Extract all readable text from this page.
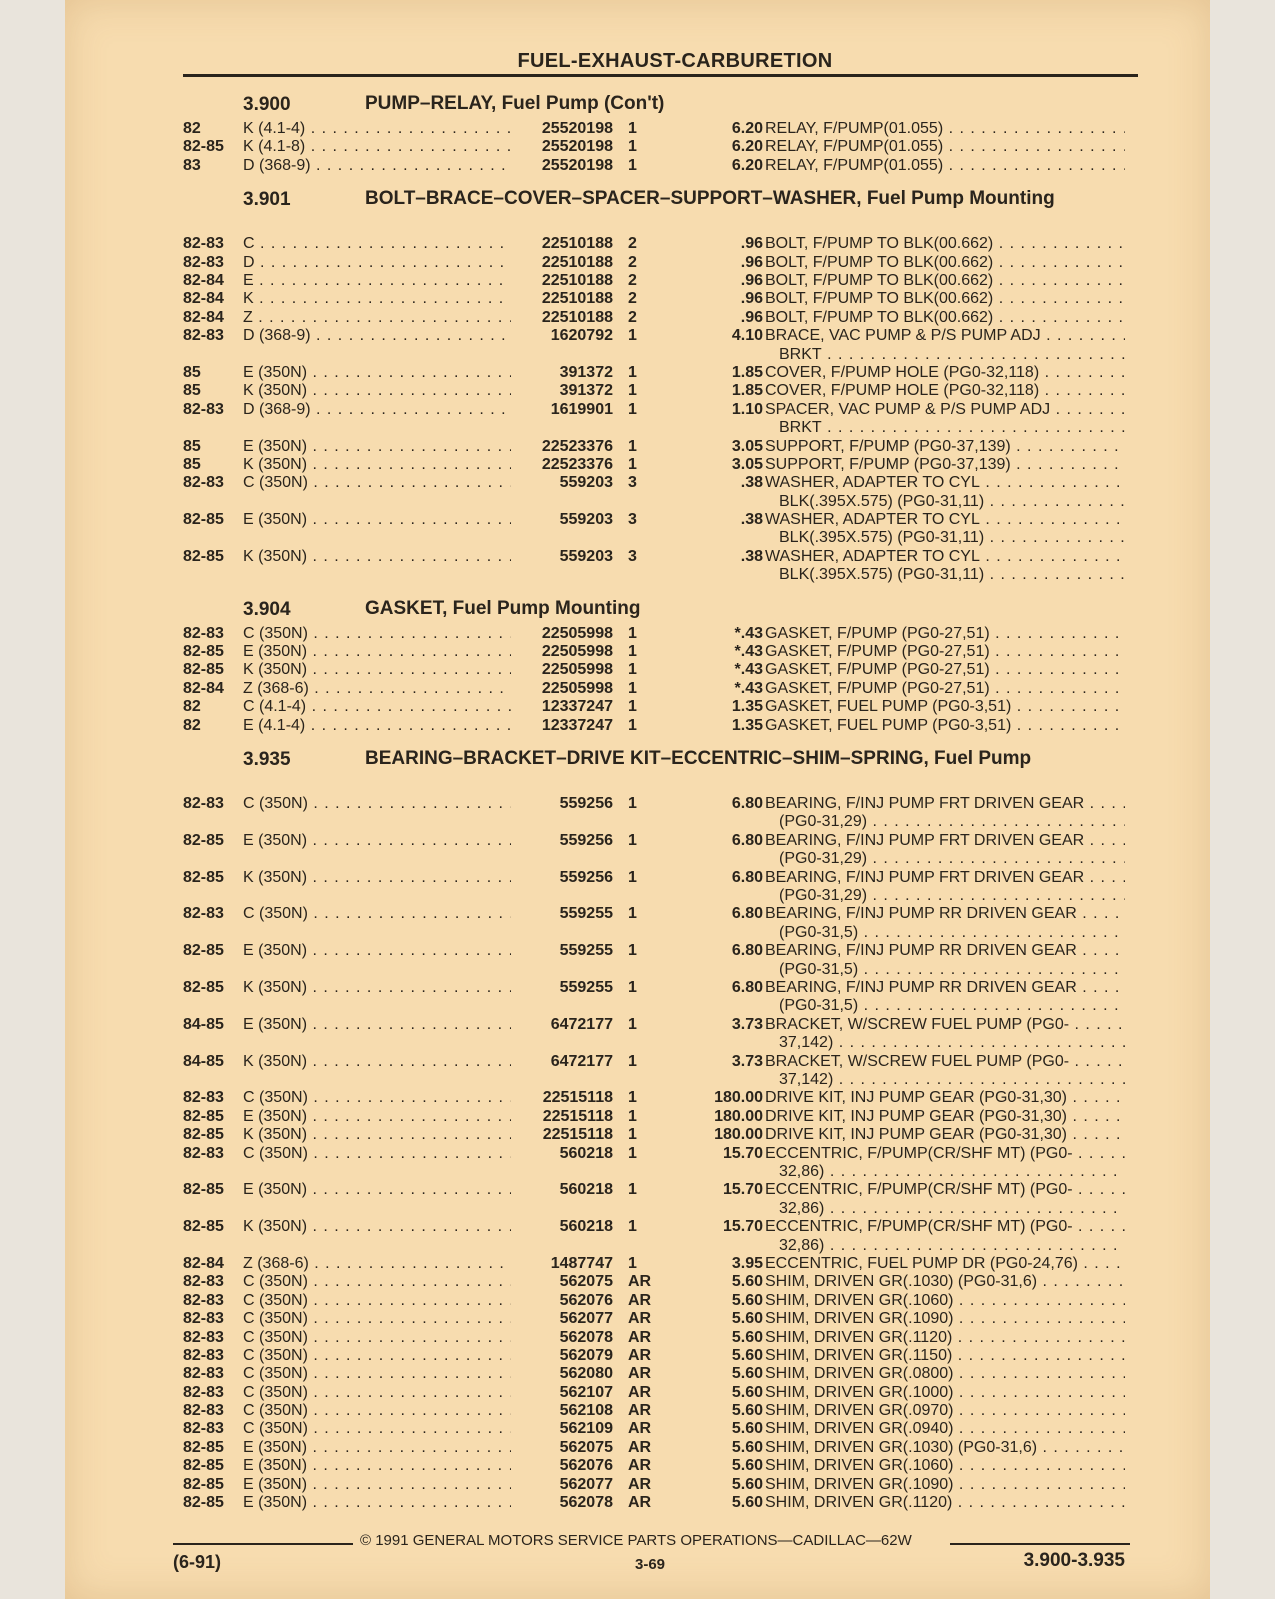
FUEL-EXHAUST-CARBURETION
3.900	PUMP–RELAY, Fuel Pump (Con't)
82	K (4.1-4) . . .	25520198 1	6.20 RELAY, F/PUMP(01.055) . . .
82-85 K (4.1-8) . . .	25520198 1	6.20 RELAY, F/PUMP(01.055) . . .
83	D (368-9) . . .	25520198 1	6.20 RELAY, F/PUMP(01.055) . . .
3.901	BOLT–BRACE–COVER–SPACER–SUPPORT–WASHER, Fuel Pump Mounting
82-83 C . . .	22510188 2	.96 BOLT, F/PUMP TO BLK(00.662) . . .
82-83 D . . .	22510188 2	.96 BOLT, F/PUMP TO BLK(00.662) . . .
82-84 E . . .	22510188 2	.96 BOLT, F/PUMP TO BLK(00.662) . . .
82-84 K . . .	22510188 2	.96 BOLT, F/PUMP TO BLK(00.662) . . .
82-84 Z . . .	22510188 2	.96 BOLT, F/PUMP TO BLK(00.662) . . .
82-83 D (368-9) . . .	1620792 1	4.10 BRACE, VAC PUMP & P/S PUMP ADJ . . .
BRKT . . .
85	E (350N) . . .	391372 1	1.85 COVER, F/PUMP HOLE (PG0-32,118) . . .
85	K (350N) . . .	391372 1	1.85 COVER, F/PUMP HOLE (PG0-32,118) . . .
82-83 D (368-9) . . .	1619901 1	1.10 SPACER, VAC PUMP & P/S PUMP ADJ . . .
BRKT . . .
85	E (350N) . . .	22523376 1	3.05 SUPPORT, F/PUMP (PG0-37,139) . . .
85	K (350N) . . .	22523376 1	3.05 SUPPORT, F/PUMP (PG0-37,139) . . .
82-83 C (350N) . . .	559203 3	.38 WASHER, ADAPTER TO CYL . . .
BLK(.395X.575) (PG0-31,11) . . .
82-85 E (350N) . . .	559203 3	.38 WASHER, ADAPTER TO CYL . . .
BLK(.395X.575) (PG0-31,11) . . .
82-85 K (350N) . . .	559203 3	.38 WASHER, ADAPTER TO CYL . . .
BLK(.395X.575) (PG0-31,11) . . .
3.904	GASKET, Fuel Pump Mounting
82-83 C (350N) . . .	22505998 1	*.43 GASKET, F/PUMP (PG0-27,51) . . .
82-85 E (350N) . . .	22505998 1	*.43 GASKET, F/PUMP (PG0-27,51) . . .
82-85 K (350N) . . .	22505998 1	*.43 GASKET, F/PUMP (PG0-27,51) . . .
82-84 Z (368-6) . . .	22505998 1	*.43 GASKET, F/PUMP (PG0-27,51) . . .
82	C (4.1-4) . . .	12337247 1	1.35 GASKET, FUEL PUMP (PG0-3,51) . . .
82	E (4.1-4) . . .	12337247 1	1.35 GASKET, FUEL PUMP (PG0-3,51) . . .
3.935	BEARING–BRACKET–DRIVE KIT–ECCENTRIC–SHIM–SPRING, Fuel Pump
82-83 C (350N) . . .	559256 1	6.80 BEARING, F/INJ PUMP FRT DRIVEN GEAR . . .
(PG0-31,29) . . .
82-85 E (350N) . . .	559256 1	6.80 BEARING, F/INJ PUMP FRT DRIVEN GEAR . . .
(PG0-31,29) . . .
82-85 K (350N) . . .	559256 1	6.80 BEARING, F/INJ PUMP FRT DRIVEN GEAR . . .
(PG0-31,29) . . .
82-83 C (350N) . . .	559255 1	6.80 BEARING, F/INJ PUMP RR DRIVEN GEAR . . .
(PG0-31,5) . . .
82-85 E (350N) . . .	559255 1	6.80 BEARING, F/INJ PUMP RR DRIVEN GEAR . . .
(PG0-31,5) . . .
82-85 K (350N) . . .	559255 1	6.80 BEARING, F/INJ PUMP RR DRIVEN GEAR . . .
(PG0-31,5) . . .
84-85 E (350N) . . .	6472177 1	3.73 BRACKET, W/SCREW FUEL PUMP (PG0- . . .
37,142) . . .
84-85 K (350N) . . .	6472177 1	3.73 BRACKET, W/SCREW FUEL PUMP (PG0- . . .
37,142) . . .
82-83 C (350N) . . .	22515118 1	180.00 DRIVE KIT, INJ PUMP GEAR (PG0-31,30) . . .
82-85 E (350N) . . .	22515118 1	180.00 DRIVE KIT, INJ PUMP GEAR (PG0-31,30) . . .
82-85 K (350N) . . .	22515118 1	180.00 DRIVE KIT, INJ PUMP GEAR (PG0-31,30) . . .
82-83 C (350N) . . .	560218 1	15.70 ECCENTRIC, F/PUMP(CR/SHF MT) (PG0- . . .
32,86) . . .
82-85 E (350N) . . .	560218 1	15.70 ECCENTRIC, F/PUMP(CR/SHF MT) (PG0- . . .
32,86) . . .
82-85 K (350N) . . .	560218 1	15.70 ECCENTRIC, F/PUMP(CR/SHF MT) (PG0- . . .
32,86) . . .
82-84 Z (368-6) . . .	1487747 1	3.95 ECCENTRIC, FUEL PUMP DR (PG0-24,76) . . .
82-83 C (350N) . . .	562075 AR	5.60 SHIM, DRIVEN GR(.1030) (PG0-31,6) . . .
82-83 C (350N) . . .	562076 AR	5.60 SHIM, DRIVEN GR(.1060) . . .
82-83 C (350N) . . .	562077 AR	5.60 SHIM, DRIVEN GR(.1090) . . .
82-83 C (350N) . . .	562078 AR	5.60 SHIM, DRIVEN GR(.1120) . . .
82-83 C (350N) . . .	562079 AR	5.60 SHIM, DRIVEN GR(.1150) . . .
82-83 C (350N) . . .	562080 AR	5.60 SHIM, DRIVEN GR(.0800) . . .
82-83 C (350N) . . .	562107 AR	5.60 SHIM, DRIVEN GR(.1000) . . .
82-83 C (350N) . . .	562108 AR	5.60 SHIM, DRIVEN GR(.0970) . . .
82-83 C (350N) . . .	562109 AR	5.60 SHIM, DRIVEN GR(.0940) . . .
82-85 E (350N) . . .	562075 AR	5.60 SHIM, DRIVEN GR(.1030) (PG0-31,6) . . .
82-85 E (350N) . . .	562076 AR	5.60 SHIM, DRIVEN GR(.1060) . . .
82-85 E (350N) . . .	562077 AR	5.60 SHIM, DRIVEN GR(.1090) . . .
82-85 E (350N) . . .	562078 AR	5.60 SHIM, DRIVEN GR(.1120) . . .
© 1991 GENERAL MOTORS SERVICE PARTS OPERATIONS—CADILLAC—62W
(6-91)	3-69	3.900-3.935
